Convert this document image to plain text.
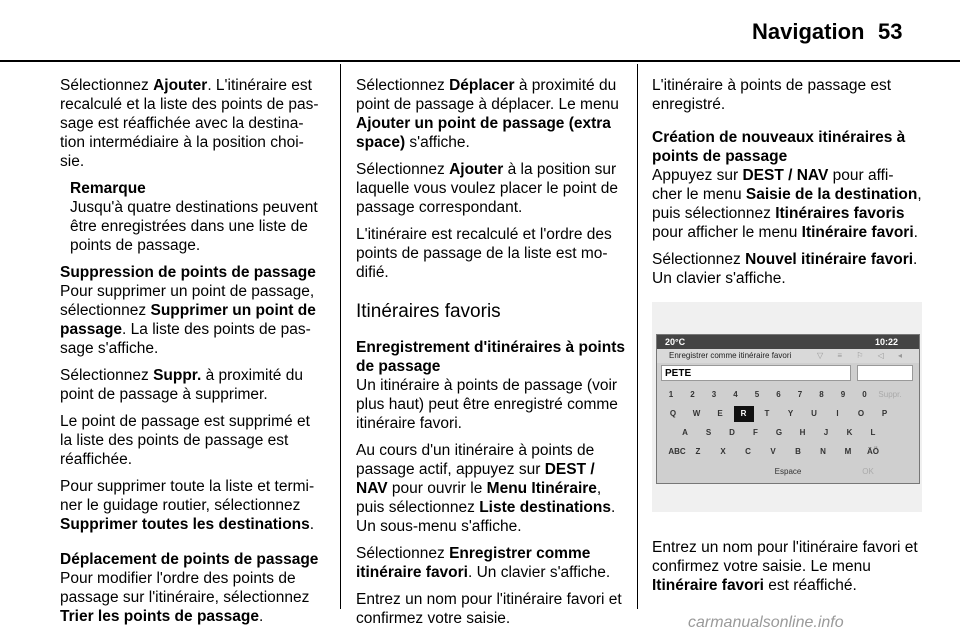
Navigation 53

Sélectionnez Ajouter. L'itinéraire est recalculé et la liste des points de pas-sage est réaffichée avec la destina-tion intermédiaire à la position choi-sie.

Remarque
Jusqu'à quatre destinations peuvent être enregistrées dans une liste de points de passage.
Suppression de points de passage

Pour supprimer un point de passage, sélectionnez Supprimer un point de passage. La liste des points de pas-sage s'affiche.

Sélectionnez Suppr. à proximité du point de passage à supprimer.

Le point de passage est supprimé et la liste des points de passage est réaffichée.

Pour supprimer toute la liste et termi-ner le guidage routier, sélectionnez Supprimer toutes les destinations.

Déplacement de points de passage

Pour modifier l'ordre des points de passage sur l'itinéraire, sélectionnez Trier les points de passage.

Sélectionnez Déplacer à proximité du point de passage à déplacer. Le menu Ajouter un point de passage (extra space) s'affiche.

Sélectionnez Ajouter à la position sur laquelle vous voulez placer le point de passage correspondant.

L'itinéraire est recalculé et l'ordre des points de passage de la liste est mo-difié.

Itinéraires favoris
Enregistrement d'itinéraires à points de passage

Un itinéraire à points de passage (voir plus haut) peut être enregistré comme itinéraire favori.

Au cours d'un itinéraire à points de passage actif, appuyez sur DEST / NAV pour ouvrir le Menu Itinéraire, puis sélectionnez Liste destinations. Un sous-menu s'affiche.

Sélectionnez Enregistrer comme itinéraire favori. Un clavier s'affiche.

Entrez un nom pour l'itinéraire favori et confirmez votre saisie.

L'itinéraire à points de passage est enregistré.

Création de nouveaux itinéraires à points de passage

Appuyez sur DEST / NAV pour affi-cher le menu Saisie de la destination, puis sélectionnez Itinéraires favoris pour afficher le menu Itinéraire favori.

Sélectionnez Nouvel itinéraire favori. Un clavier s'affiche.

20°C	10:22
Enregistrer comme itinéraire favori	▽ ≡ ⚐ ◁ ◂
PETE
1	2	3	4	5	6	7	8	9	0	Suppr.
Q	W	E	R	T	Y	U	I	O	P
A	S	D	F	G	H	J	K	L
ABC	Z	X	C	V	B	N	M	ÄÖ
Espace	OK

Entrez un nom pour l'itinéraire favori et confirmez votre saisie. Le menu Itinéraire favori est réaffiché.

carmanualsonline.info
